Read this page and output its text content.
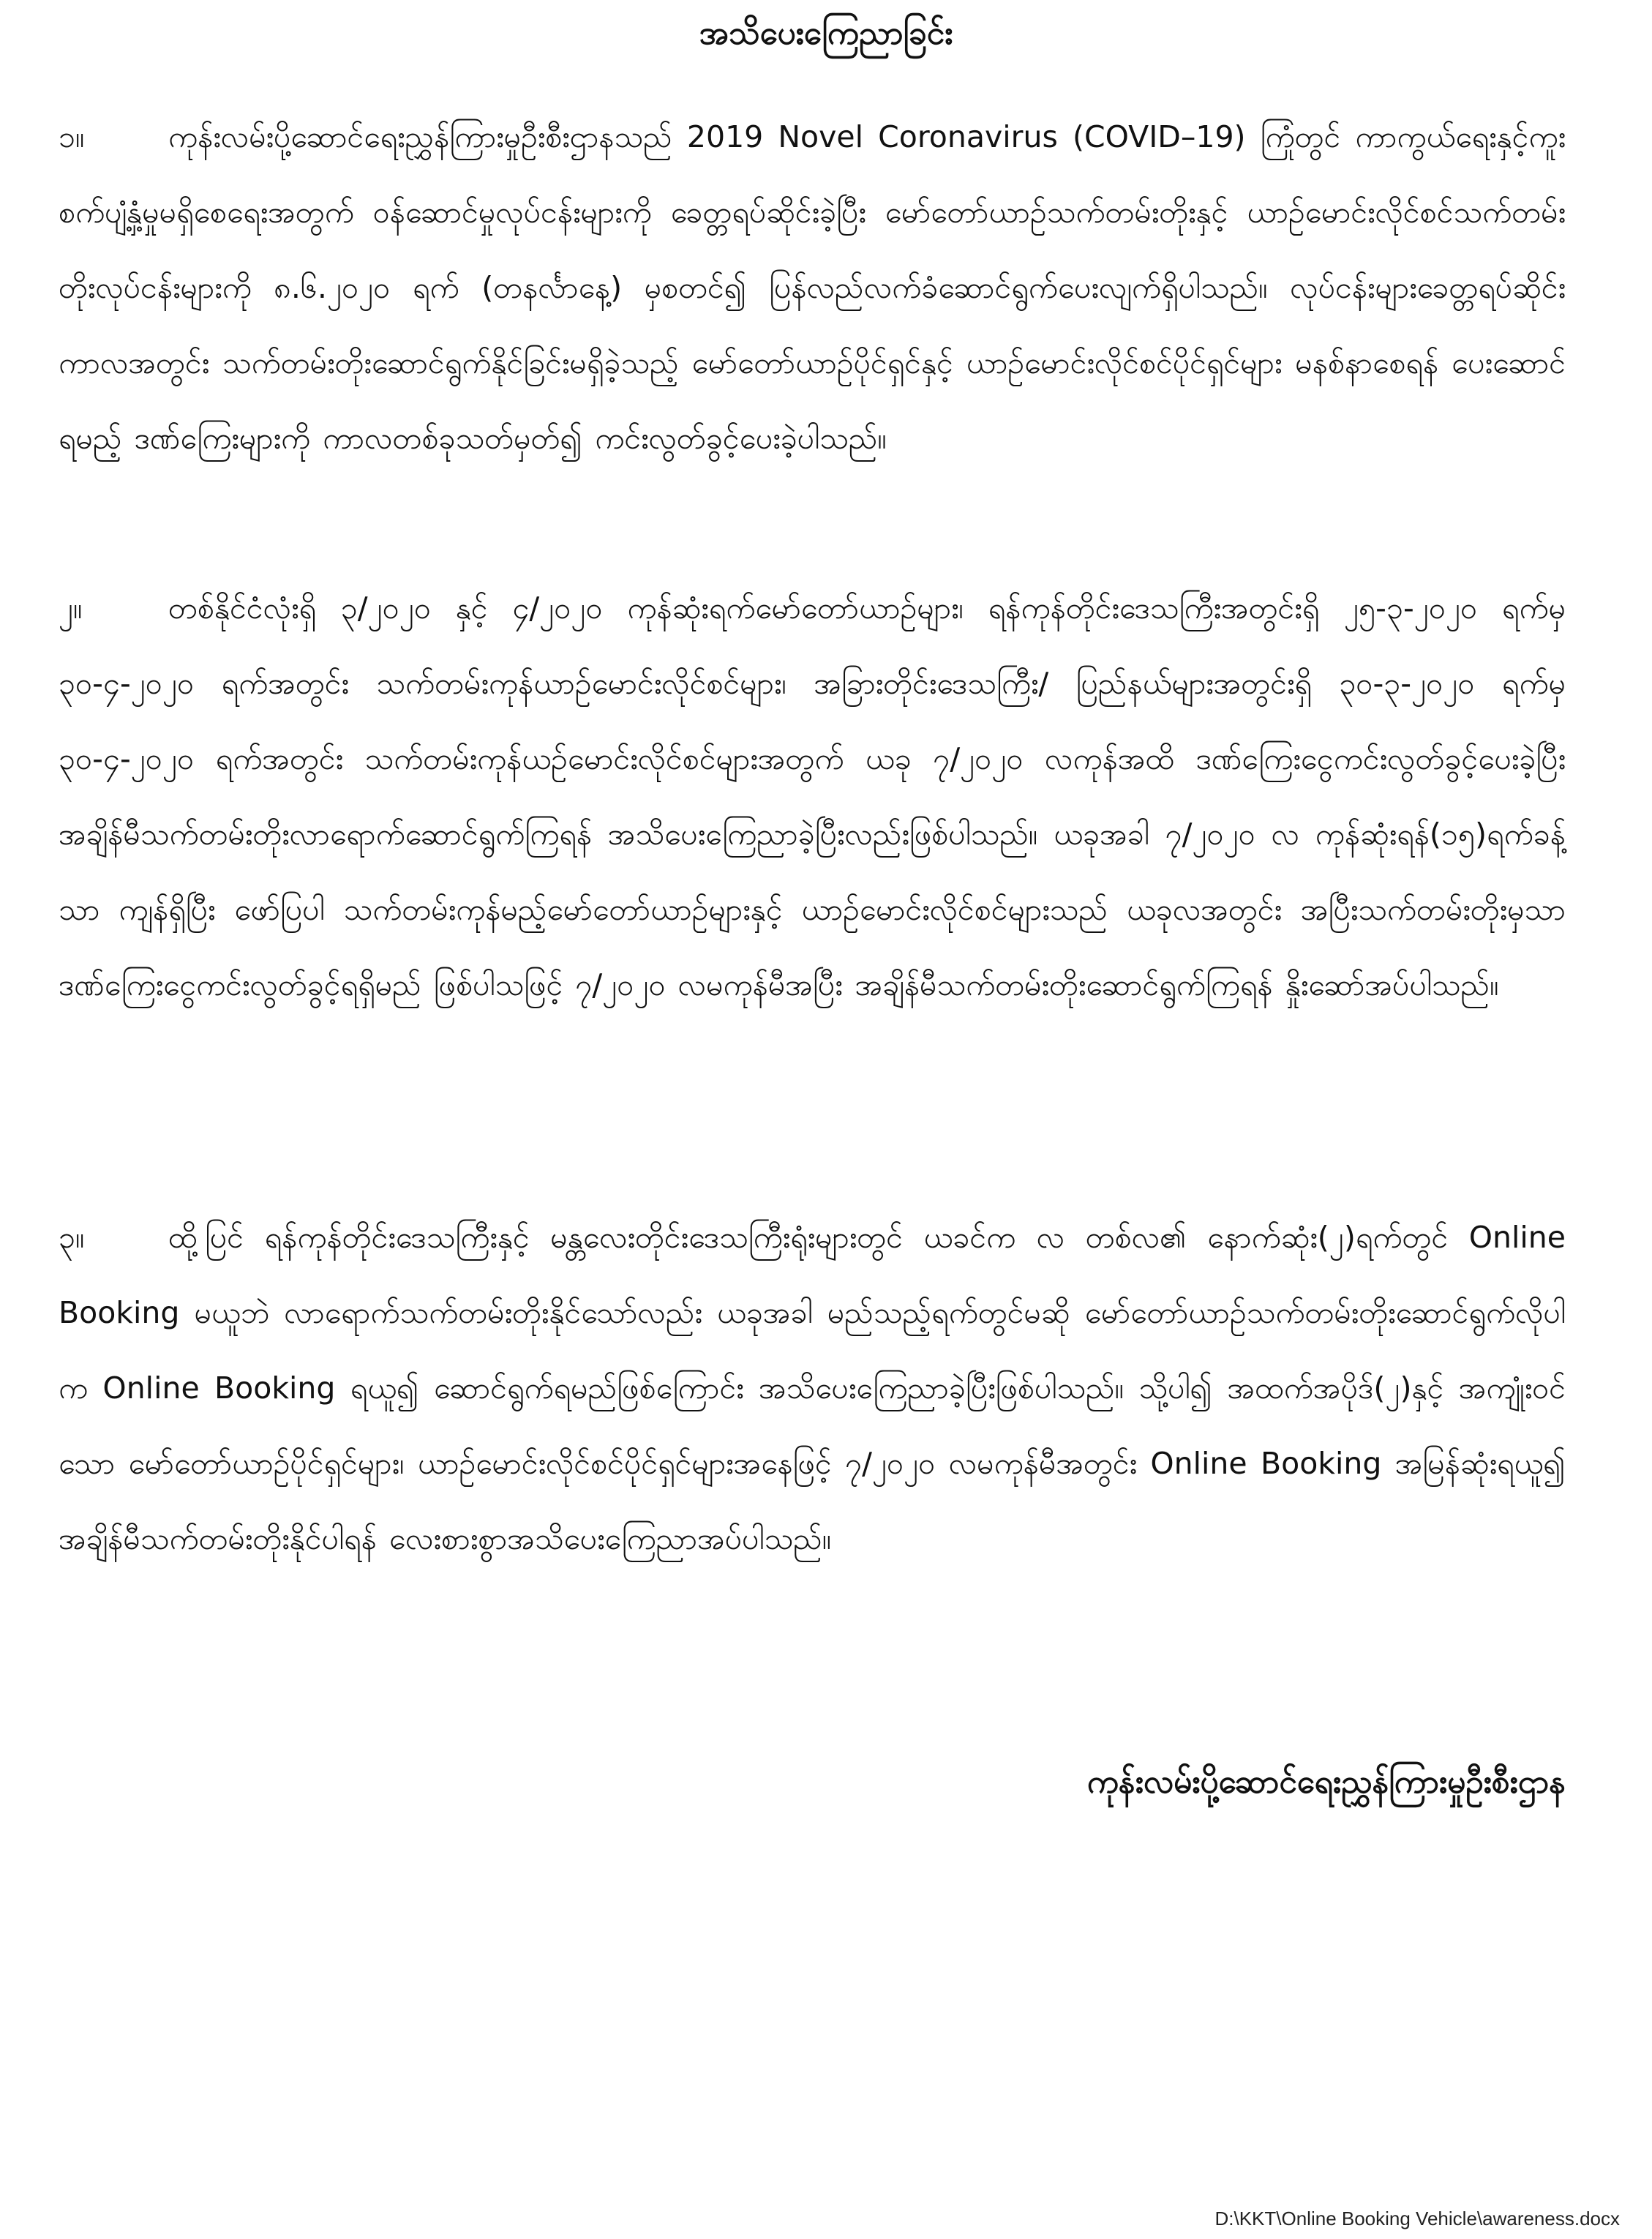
အသိပေးကြေညာခြင်း
၁။	ကုန်းလမ်းပို့ဆောင်ရေးညွှန်ကြားမှုဦးစီးဌာနသည် 2019 Novel Coronavirus (COVID–19) ကြုံတွင် ကာကွယ်ရေးနှင့်ကူးစက်ပျံ့နှံ့မှုမရှိစေရေးအတွက် ဝန်ဆောင်မှုလုပ်ငန်းများကို ခေတ္တရပ်ဆိုင်းခဲ့ပြီး မော်တော်ယာဉ်သက်တမ်းတိုးနှင့် ယာဉ်မောင်းလိုင်စင်သက်တမ်းတိုးလုပ်ငန်းများကို ၈.၆.၂၀၂၀ ရက် (တနင်္လာနေ့) မှစတင်၍ ပြန်လည်လက်ခံဆောင်ရွက်ပေးလျက်ရှိပါသည်။ လုပ်ငန်းများခေတ္တရပ်ဆိုင်းကာလအတွင်း သက်တမ်းတိုးဆောင်ရွက်နိုင်ခြင်းမရှိခဲ့သည့် မော်တော်ယာဉ်ပိုင်ရှင်နှင့် ယာဉ်မောင်းလိုင်စင်ပိုင်ရှင်များ မနစ်နာစေရန် ပေးဆောင်ရမည့် ဒဏ်ကြေးများကို ကာလတစ်ခုသတ်မှတ်၍ ကင်းလွတ်ခွင့်ပေးခဲ့ပါသည်။
၂။	တစ်နိုင်ငံလုံးရှိ ၃/၂၀၂၀ နှင့် ၄/၂၀၂၀ ကုန်ဆုံးရက်မော်တော်ယာဉ်များ၊ ရန်ကုန်တိုင်းဒေသကြီးအတွင်းရှိ ၂၅-၃-၂၀၂၀ ရက်မှ ၃၀-၄-၂၀၂၀ ရက်အတွင်း သက်တမ်းကုန်ယာဉ်မောင်းလိုင်စင်များ၊ အခြားတိုင်းဒေသကြီး/ ပြည်နယ်များအတွင်းရှိ ၃၀-၃-၂၀၂၀ ရက်မှ ၃၀-၄-၂၀၂၀ ရက်အတွင်း သက်တမ်းကုန်ယဉ်မောင်းလိုင်စင်များအတွက် ယခု ၇/၂၀၂၀ လကုန်အထိ ဒဏ်ကြေးငွေကင်းလွတ်ခွင့်ပေးခဲ့ပြီး အချိန်မီသက်တမ်းတိုးလာရောက်ဆောင်ရွက်ကြရန် အသိပေးကြေညာခဲ့ပြီးလည်းဖြစ်ပါသည်။ ယခုအခါ ၇/၂၀၂၀ လ ကုန်ဆုံးရန်(၁၅)ရက်ခန့်သာ ကျန်ရှိပြီး ဖော်ပြပါ သက်တမ်းကုန်မည့်မော်တော်ယာဉ်များနှင့် ယာဉ်မောင်းလိုင်စင်များသည် ယခုလအတွင်း အပြီးသက်တမ်းတိုးမှသာ ဒဏ်ကြေးငွေကင်းလွတ်ခွင့်ရရှိမည် ဖြစ်ပါသဖြင့် ၇/၂၀၂၀ လမကုန်မီအပြီး အချိန်မီသက်တမ်းတိုးဆောင်ရွက်ကြရန် နှိုးဆော်အပ်ပါသည်။
၃။	ထို့ပြင် ရန်ကုန်တိုင်းဒေသကြီးနှင့် မန္တလေးတိုင်းဒေသကြီးရုံးများတွင် ယခင်က လ တစ်လ၏ နောက်ဆုံး(၂)ရက်တွင် Online Booking မယူဘဲ လာရောက်သက်တမ်းတိုးနိုင်သော်လည်း ယခုအခါ မည်သည့်ရက်တွင်မဆို မော်တော်ယာဉ်သက်တမ်းတိုးဆောင်ရွက်လိုပါက Online Booking ရယူ၍ ဆောင်ရွက်ရမည်ဖြစ်ကြောင်း အသိပေးကြေညာခဲ့ပြီးဖြစ်ပါသည်။ သို့ပါ၍ အထက်အပိုဒ်(၂)နှင့် အကျုံးဝင်သော မော်တော်ယာဉ်ပိုင်ရှင်များ၊ ယာဉ်မောင်းလိုင်စင်ပိုင်ရှင်များအနေဖြင့် ၇/၂၀၂၀ လမကုန်မီအတွင်း Online Booking အမြန်ဆုံးရယူ၍ အချိန်မီသက်တမ်းတိုးနိုင်ပါရန် လေးစားစွာအသိပေးကြေညာအပ်ပါသည်။
ကုန်းလမ်းပို့ဆောင်ရေးညွှန်ကြားမှုဦးစီးဌာန
D:\KKT\Online Booking Vehicle\awareness.docx
